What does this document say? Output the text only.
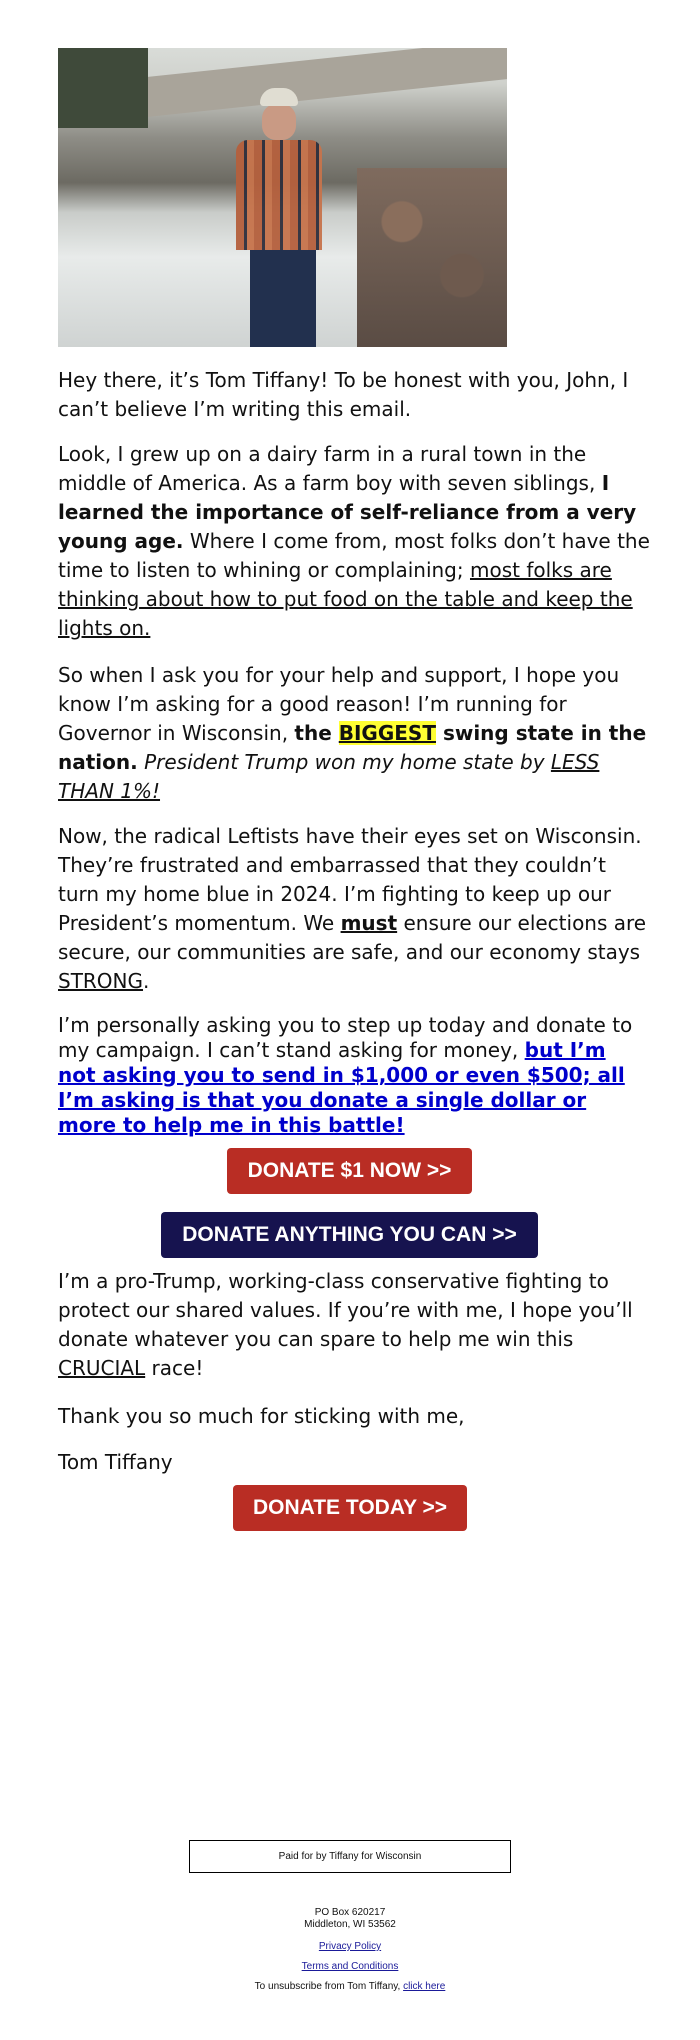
Hey there, it’s Tom Tiffany! To be honest with you, John, I can’t believe I’m writing this email.

Look, I grew up on a dairy farm in a rural town in the middle of America. As a farm boy with seven siblings, I learned the importance of self-reliance from a very young age. Where I come from, most folks don’t have the time to listen to whining or complaining; most folks are thinking about how to put food on the table and keep the lights on.

So when I ask you for your help and support, I hope you know I’m asking for a good reason! I’m running for Governor in Wisconsin, the BIGGEST swing state in the nation. President Trump won my home state by LESS THAN 1%!

Now, the radical Leftists have their eyes set on Wisconsin. They’re frustrated and embarrassed that they couldn’t turn my home blue in 2024. I’m fighting to keep up our President’s momentum. We must ensure our elections are secure, our communities are safe, and our economy stays STRONG.

I’m personally asking you to step up today and donate to my campaign. I can’t stand asking for money, but I’m not asking you to send in $1,000 or even $500; all I’m asking is that you donate a single dollar or more to help me in this battle!

I’m a pro-Trump, working-class conservative fighting to protect our shared values. If you’re with me, I hope you’ll donate whatever you can spare to help me win this CRUCIAL race!

Thank you so much for sticking with me,

Tom Tiffany

DONATE $1 NOW >>
DONATE ANYTHING YOU CAN >>
DONATE TODAY >>
Paid for by Tiffany for Wisconsin
PO Box 620217
Middleton, WI 53562
Privacy Policy
Terms and Conditions
To unsubscribe from Tom Tiffany, click here
